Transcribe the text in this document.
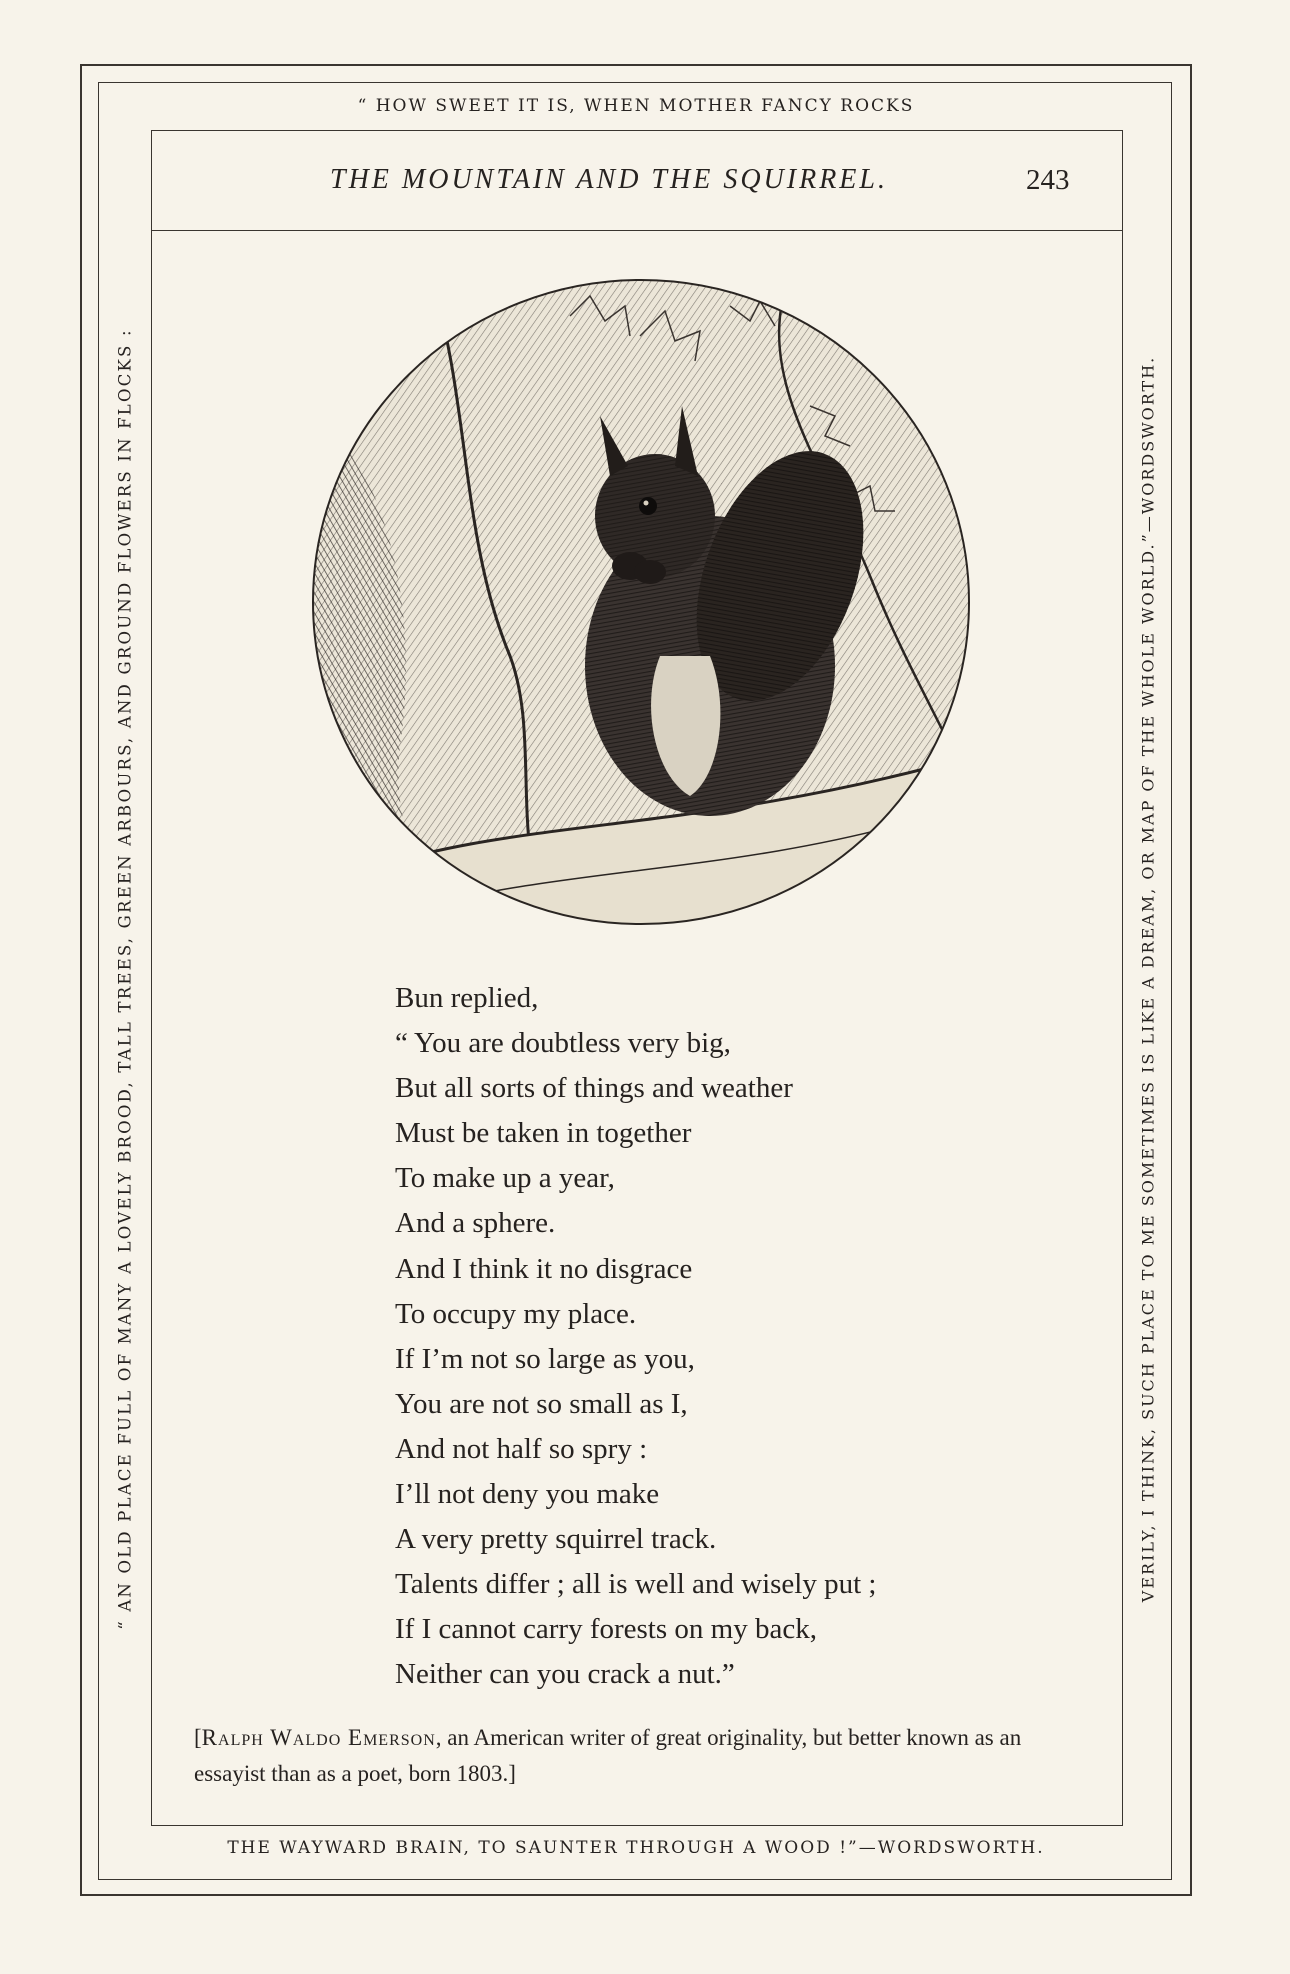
“ HOW SWEET IT IS, WHEN MOTHER FANCY ROCKS
THE WAYWARD BRAIN, TO SAUNTER THROUGH A WOOD !”—WORDSWORTH.
“ AN OLD PLACE FULL OF MANY A LOVELY BROOD, TALL TREES, GREEN ARBOURS, AND GROUND FLOWERS IN FLOCKS :	VERILY, I THINK, SUCH PLACE TO ME SOMETIMES IS LIKE A DREAM, OR MAP OF THE WHOLE WORLD.”—WORDSWORTH.
THE MOUNTAIN AND THE SQUIRREL.	243
Bun replied,
“ You are doubtless very big,
But all sorts of things and weather
Must be taken in together
To make up a year,
And a sphere.
And I think it no disgrace
To occupy my place.
If I’m not so large as you,
You are not so small as I,
And not half so spry :
I’ll not deny you make
A very pretty squirrel track.
Talents differ ; all is well and wisely put ;
If I cannot carry forests on my back,
Neither can you crack a nut.”
[Ralph Waldo Emerson, an American writer of great originality, but better known as an essayist than as a poet, born 1803.]
